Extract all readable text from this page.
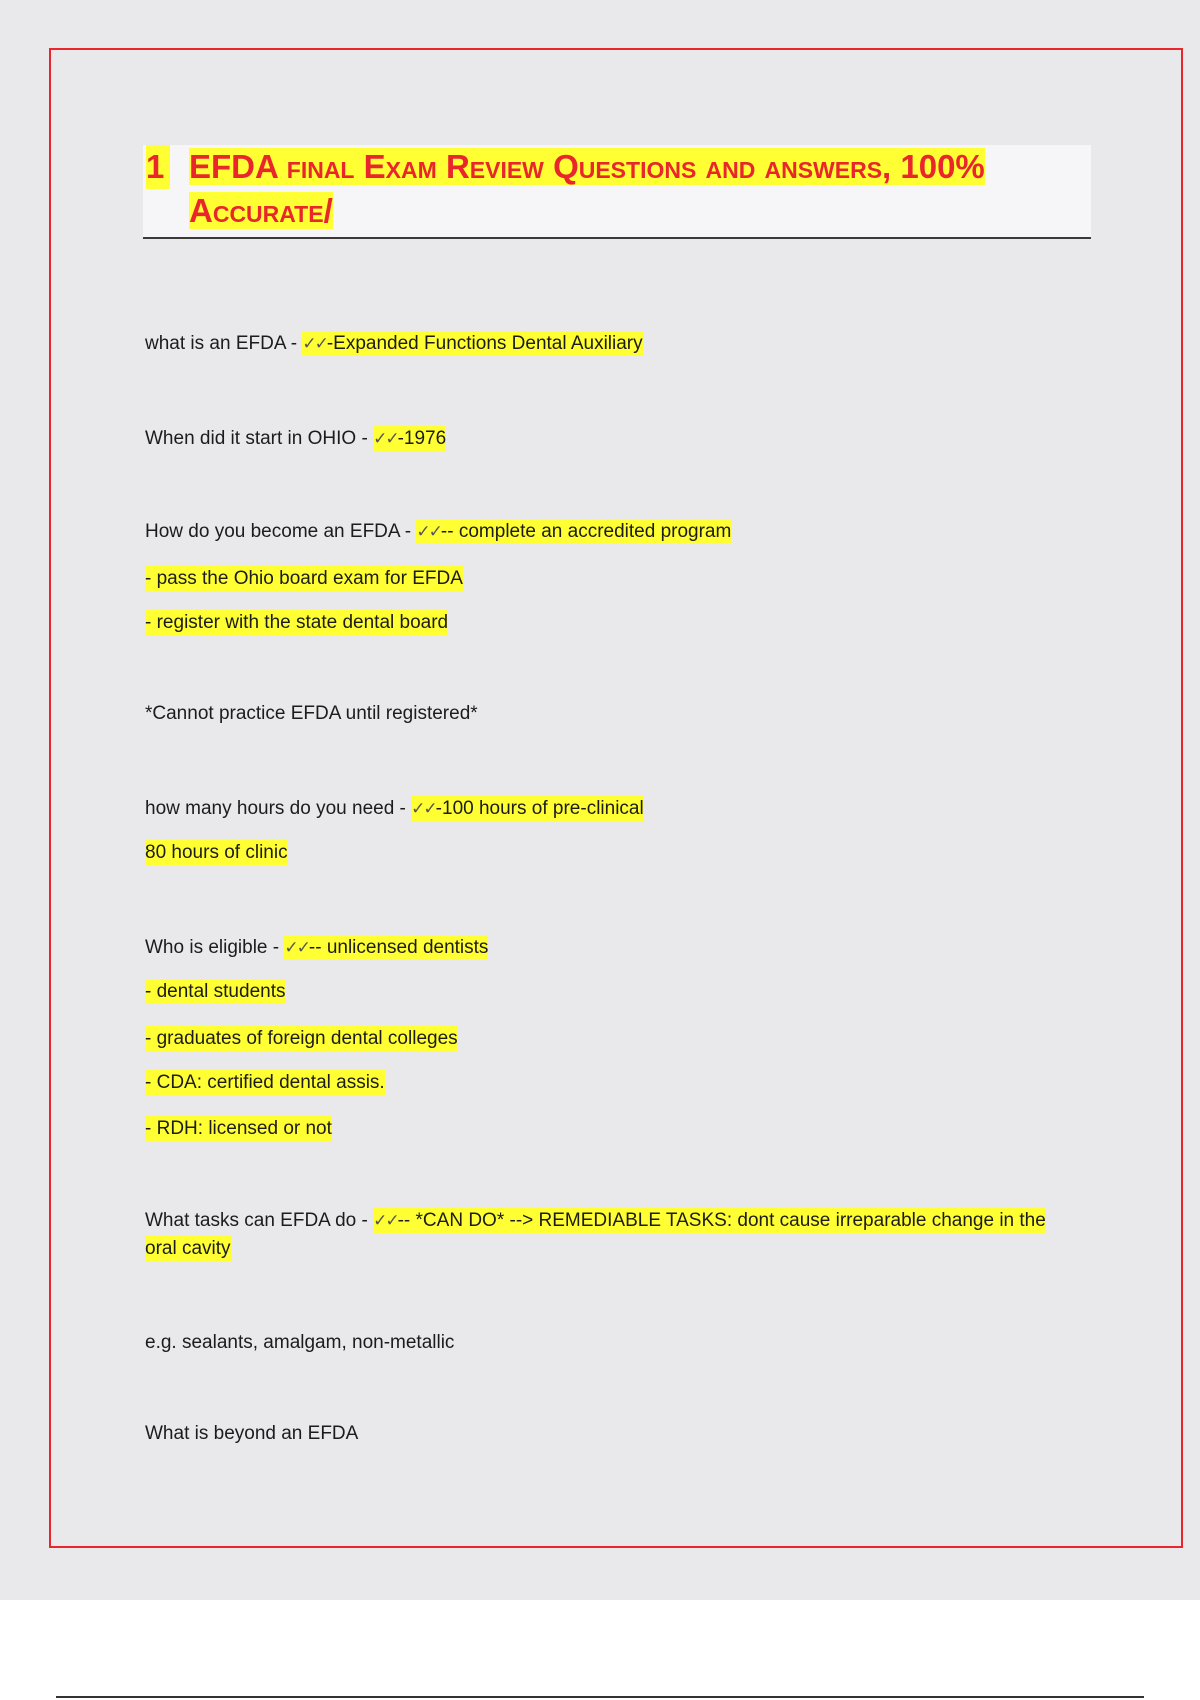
1 EFDA final Exam Review Questions and answers, 100% Accurate/
what is an EFDA - ✓✓-Expanded Functions Dental Auxiliary
When did it start in OHIO - ✓✓-1976
How do you become an EFDA - ✓✓-- complete an accredited program
- pass the Ohio board exam for EFDA
- register with the state dental board
*Cannot practice EFDA until registered*
how many hours do you need - ✓✓-100 hours of pre-clinical
80 hours of clinic
Who is eligible - ✓✓-- unlicensed dentists
- dental students
- graduates of foreign dental colleges
- CDA: certified dental assis.
- RDH: licensed or not
What tasks can EFDA do - ✓✓-- *CAN DO* --> REMEDIABLE TASKS: dont cause irreparable change in the oral cavity
e.g. sealants, amalgam, non-metallic
What is beyond an EFDA
